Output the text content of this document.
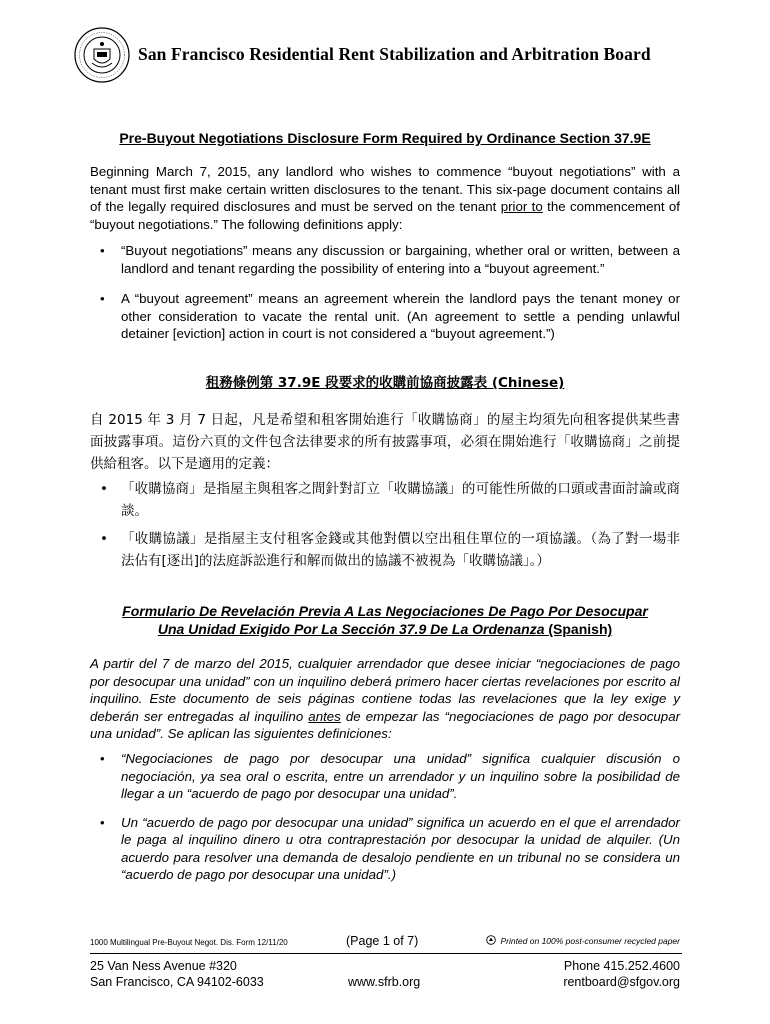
San Francisco Residential Rent Stabilization and Arbitration Board
Pre-Buyout Negotiations Disclosure Form Required by Ordinance Section 37.9E

Beginning March 7, 2015, any landlord who wishes to commence “buyout negotiations” with a tenant must first make certain written disclosures to the tenant. This six-page document contains all of the legally required disclosures and must be served on the tenant prior to the commencement of “buyout negotiations.” The following definitions apply:

• “Buyout negotiations” means any discussion or bargaining, whether oral or written, between a landlord and tenant regarding the possibility of entering into a “buyout agreement.”
• A “buyout agreement” means an agreement wherein the landlord pays the tenant money or other consideration to vacate the rental unit. (An agreement to settle a pending unlawful detainer [eviction] action in court is not considered a “buyout agreement.”)
租務條例第 37.9E 段要求的收購前協商披露表 (Chinese)

自 2015 年 3 月 7 日起，凡是希望和租客開始進行「收購協商」的屋主均須先向租客提供某些書面披露事項。這份六頁的文件包含法律要求的所有披露事項，必須在開始進行「收購協商」之前提供給租客。以下是適用的定義：

• 「收購協商」是指屋主與租客之間針對訂立「收購協議」的可能性所做的口頭或書面討論或商談。
• 「收購協議」是指屋主支付租客金錢或其他對價以空出租住單位的一項協議。（為了對一場非法佔有[逐出]的法庭訴訟進行和解而做出的協議不被視為「收購協議」。）
Formulario De Revelación Previa A Las Negociaciones De Pago Por Desocupar
Una Unidad Exigido Por La Sección 37.9 De La Ordenanza (Spanish)

A partir del 7 de marzo del 2015, cualquier arrendador que desee iniciar “negociaciones de pago por desocupar una unidad” con un inquilino deberá primero hacer ciertas revelaciones por escrito al inquilino. Este documento de seis páginas contiene todas las revelaciones que la ley exige y deberán ser entregadas al inquilino antes de empezar las “negociaciones de pago por desocupar una unidad”. Se aplican las siguientes definiciones:

• “Negociaciones de pago por desocupar una unidad” significa cualquier discusión o negociación, ya sea oral o escrita, entre un arrendador y un inquilino sobre la posibilidad de llegar a un “acuerdo de pago por desocupar una unidad”.
• Un “acuerdo de pago por desocupar una unidad” significa un acuerdo en el que el arrendador le paga al inquilino dinero u otra contraprestación por desocupar la unidad de alquiler. (Un acuerdo para resolver una demanda de desalojo pendiente en un tribunal no se considera un “acuerdo de pago por desocupar una unidad”.)
1000 Multilingual Pre-Buyout Negot. Dis. Form 12/11/20	(Page 1 of 7)	Printed on 100% post-consumer recycled paper
25 Van Ness Avenue #320
San Francisco, CA 94102-6033	www.sfrb.org
Phone 415.252.4600
rentboard@sfgov.org
